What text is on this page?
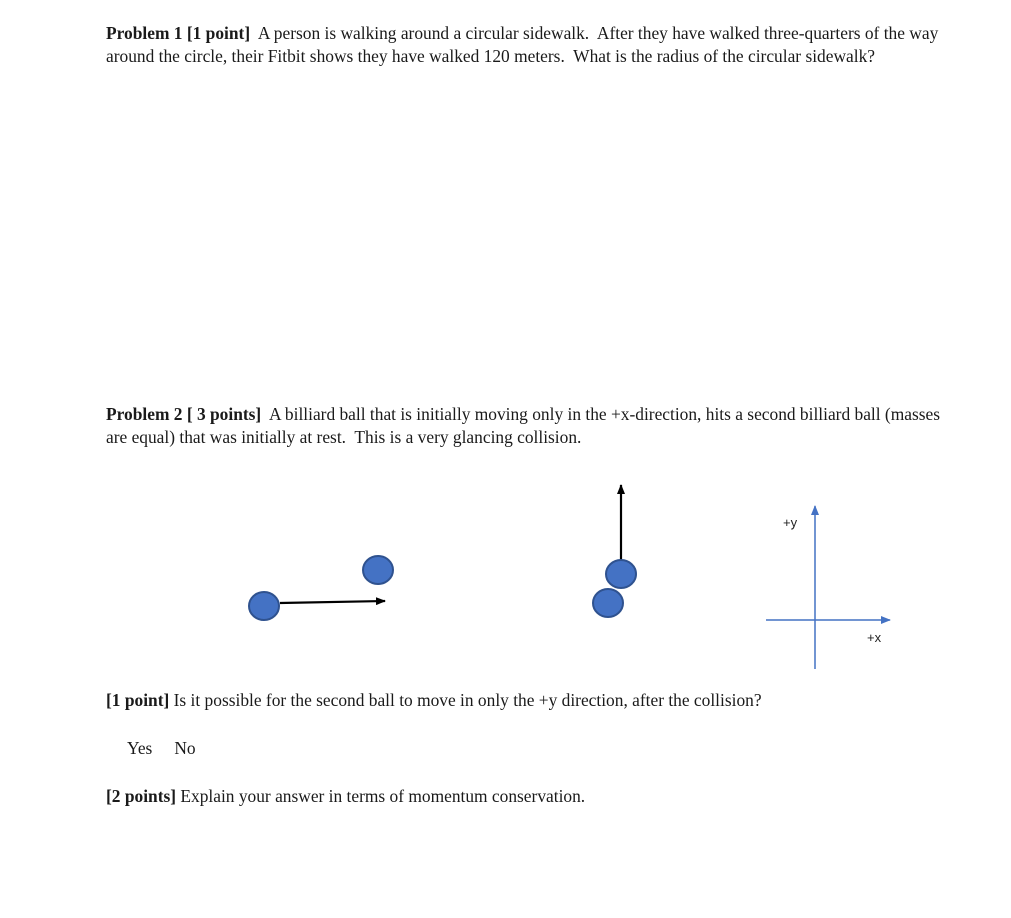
Problem 1 [1 point]  A person is walking around a circular sidewalk.  After they have walked three-quarters of the way around the circle, their Fitbit shows they have walked 120 meters.  What is the radius of the circular sidewalk?

Problem 2 [ 3 points]  A billiard ball that is initially moving only in the +x-direction, hits a second billiard ball (masses are equal) that was initially at rest.  This is a very glancing collision.

+y
+x

[1 point] Is it possible for the second ball to move in only the +y direction, after the collision?

Yes No

[2 points] Explain your answer in terms of momentum conservation.
